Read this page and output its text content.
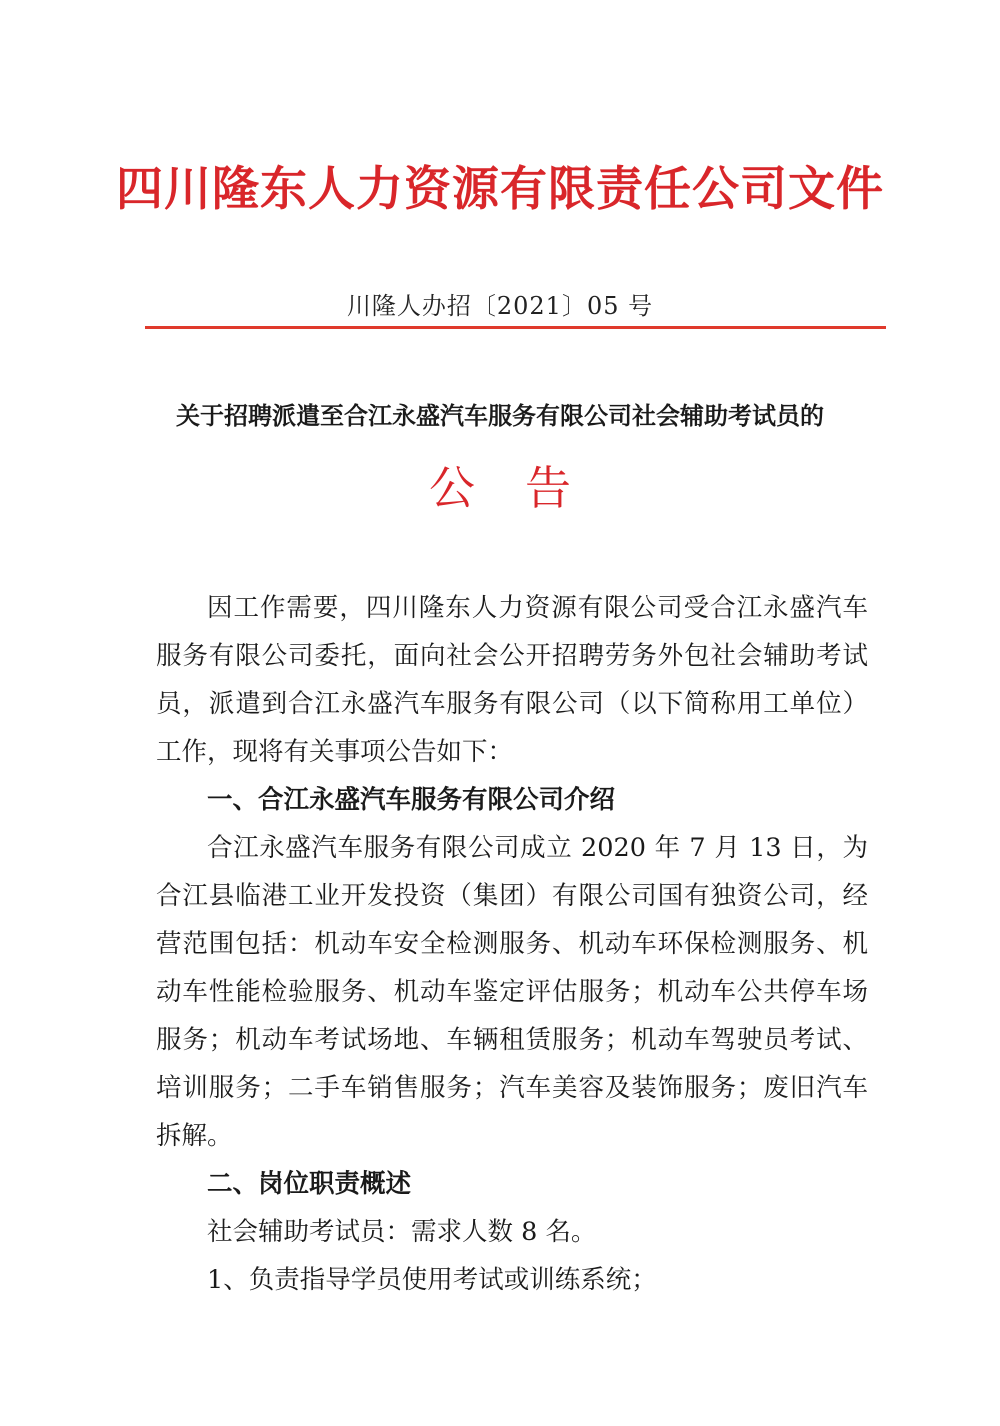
四川隆东人力资源有限责任公司文件
川隆人办招〔2021〕05 号
关于招聘派遣至合江永盛汽车服务有限公司社会辅助考试员的
公告

因工作需要，四川隆东人力资源有限公司受合江永盛汽车服务有限公司委托，面向社会公开招聘劳务外包社会辅助考试员，派遣到合江永盛汽车服务有限公司（以下简称用工单位）工作，现将有关事项公告如下：

一、合江永盛汽车服务有限公司介绍

合江永盛汽车服务有限公司成立 2020 年 7 月 13 日，为合江县临港工业开发投资（集团）有限公司国有独资公司，经营范围包括：机动车安全检测服务、机动车环保检测服务、机动车性能检验服务、机动车鉴定评估服务；机动车公共停车场服务；机动车考试场地、车辆租赁服务；机动车驾驶员考试、培训服务；二手车销售服务；汽车美容及装饰服务；废旧汽车拆解。

二、岗位职责概述

社会辅助考试员：需求人数 8 名。

1、负责指导学员使用考试或训练系统；
